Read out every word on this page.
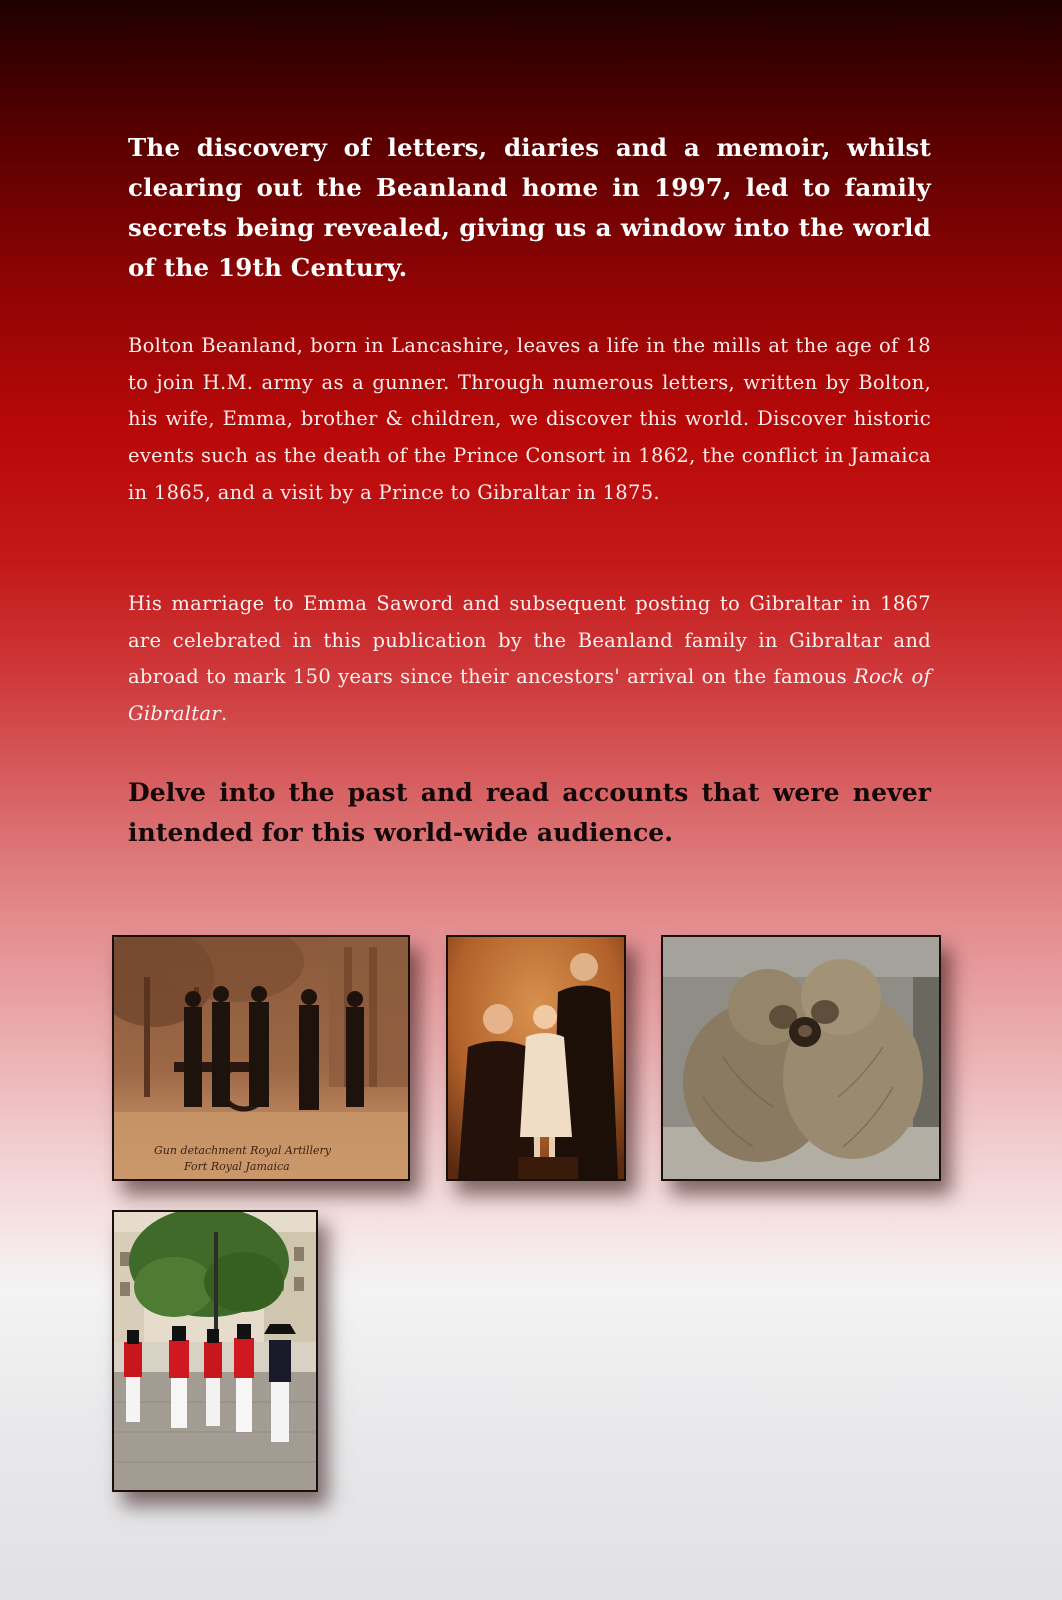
The discovery of letters, diaries and a memoir, whilst clearing out the Beanland home in 1997, led to family secrets being revealed, giving us a window into the world of the 19th Century.

Bolton Beanland, born in Lancashire, leaves a life in the mills at the age of 18 to join H.M. army as a gunner. Through numerous letters, written by Bolton, his wife, Emma, brother & children, we discover this world. Discover historic events such as the death of the Prince Consort in 1862, the conflict in Jamaica in 1865, and a visit by a Prince to Gibraltar in 1875.

His marriage to Emma Saword and subsequent posting to Gibraltar in 1867 are celebrated in this publication by the Beanland family in Gibraltar and abroad to mark 150 years since their ancestors' arrival on the famous Rock of Gibraltar.

Delve into the past and read accounts that were never intended for this world-wide audience.

Gun detachment Royal Artillery
Fort Royal Jamaica
